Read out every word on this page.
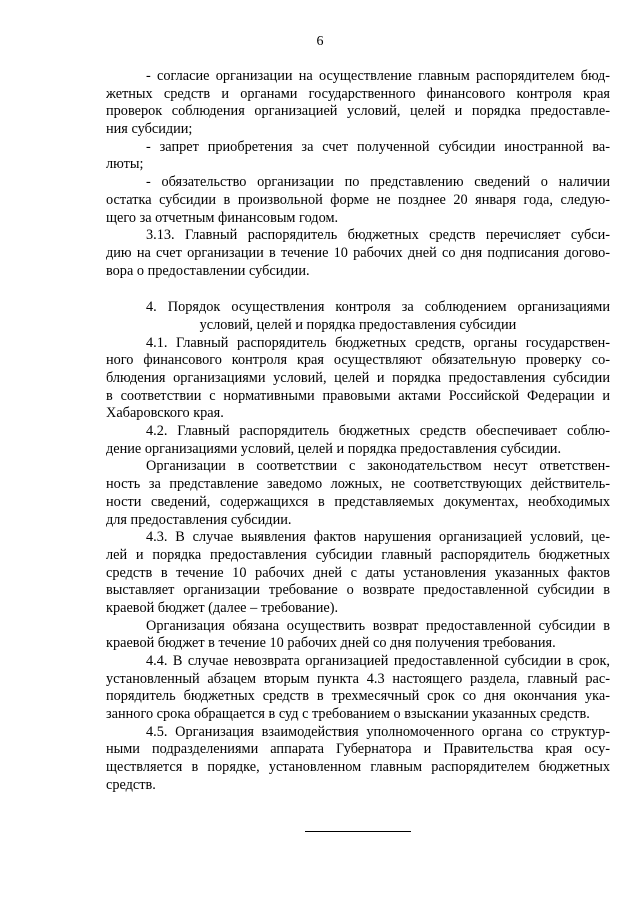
6
- согласие организации на осуществление главным распорядителем бюд-
жетных средств и органами государственного финансового контроля края
проверок соблюдения организацией условий, целей и порядка предоставле-
ния субсидии;
- запрет приобретения за счет полученной субсидии иностранной ва-
люты;
- обязательство организации по представлению сведений о наличии
остатка субсидии в произвольной форме не позднее 20 января года, следую-
щего за отчетным финансовым годом.
3.13. Главный распорядитель бюджетных средств перечисляет субси-
дию на счет организации в течение 10 рабочих дней со дня подписания догово-
вора о предоставлении субсидии.
4. Порядок осуществления контроля за соблюдением организациями
условий, целей и порядка предоставления субсидии
4.1. Главный распорядитель бюджетных средств, органы государствен-
ного финансового контроля края осуществляют обязательную проверку со-
блюдения организациями условий, целей и порядка предоставления субсидии
в соответствии с нормативными правовыми актами Российской Федерации и
Хабаровского края.
4.2. Главный распорядитель бюджетных средств обеспечивает соблю-
дение организациями условий, целей и порядка предоставления субсидии.
Организации в соответствии с законодательством несут ответствен-
ность за представление заведомо ложных, не соответствующих действитель-
ности сведений, содержащихся в представляемых документах, необходимых
для предоставления субсидии.
4.3. В случае выявления фактов нарушения организацией условий, це-
лей и порядка предоставления субсидии главный распорядитель бюджетных
средств в течение 10 рабочих дней с даты установления указанных фактов
выставляет организации требование о возврате предоставленной субсидии в
краевой бюджет (далее – требование).
Организация обязана осуществить возврат предоставленной субсидии в
краевой бюджет в течение 10 рабочих дней со дня получения требования.
4.4. В случае невозврата организацией предоставленной субсидии в срок,
установленный абзацем вторым пункта 4.3 настоящего раздела, главный рас-
порядитель бюджетных средств в трехмесячный срок со дня окончания ука-
занного срока обращается в суд с требованием о взыскании указанных средств.
4.5. Организация взаимодействия уполномоченного органа со структур-
ными подразделениями аппарата Губернатора и Правительства края осу-
ществляется в порядке, установленном главным распорядителем бюджетных
средств.
